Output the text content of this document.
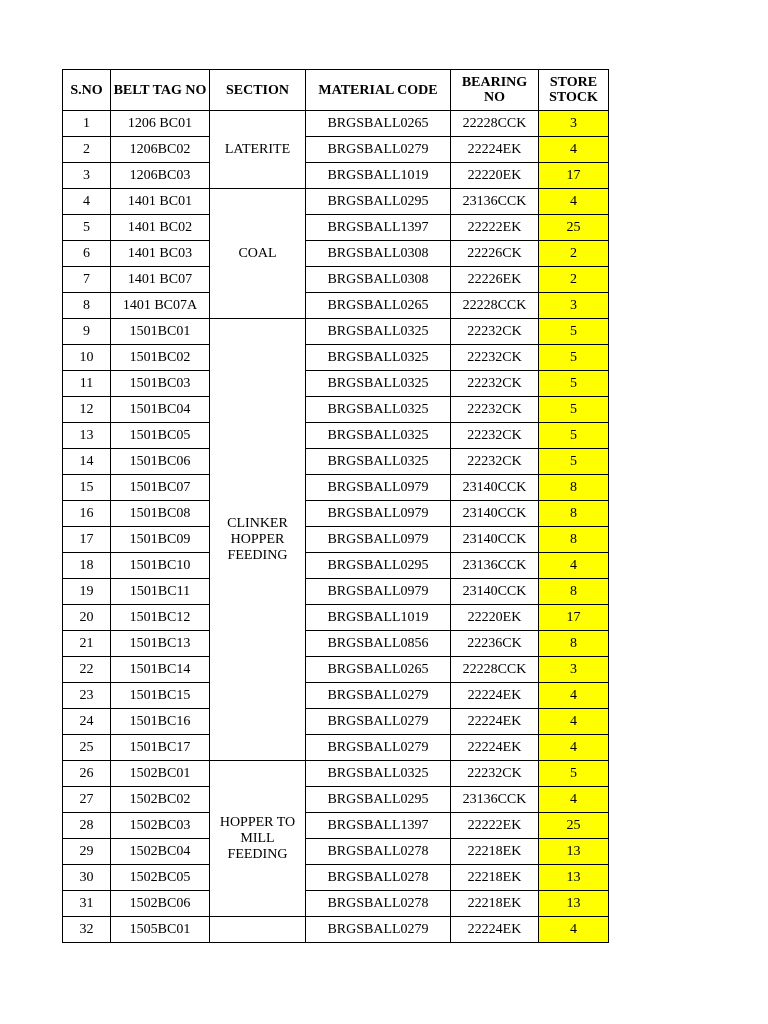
S.NO	BELT TAG NO	SECTION	MATERIAL CODE	BEARING NO	STORE STOCK
1	1206 BC01	LATERITE	BRGSBALL0265	22228CCK	3
2	1206BC02		BRGSBALL0279	22224EK	4
3	1206BC03		BRGSBALL1019	22220EK	17
4	1401 BC01	COAL	BRGSBALL0295	23136CCK	4
5	1401 BC02		BRGSBALL1397	22222EK	25
6	1401 BC03		BRGSBALL0308	22226CK	2
7	1401 BC07		BRGSBALL0308	22226EK	2
8	1401 BC07A		BRGSBALL0265	22228CCK	3
9	1501BC01	CLINKER HOPPER FEEDING	BRGSBALL0325	22232CK	5
10	1501BC02		BRGSBALL0325	22232CK	5
11	1501BC03		BRGSBALL0325	22232CK	5
12	1501BC04		BRGSBALL0325	22232CK	5
13	1501BC05		BRGSBALL0325	22232CK	5
14	1501BC06		BRGSBALL0325	22232CK	5
15	1501BC07		BRGSBALL0979	23140CCK	8
16	1501BC08		BRGSBALL0979	23140CCK	8
17	1501BC09		BRGSBALL0979	23140CCK	8
18	1501BC10		BRGSBALL0295	23136CCK	4
19	1501BC11		BRGSBALL0979	23140CCK	8
20	1501BC12		BRGSBALL1019	22220EK	17
21	1501BC13		BRGSBALL0856	22236CK	8
22	1501BC14		BRGSBALL0265	22228CCK	3
23	1501BC15		BRGSBALL0279	22224EK	4
24	1501BC16		BRGSBALL0279	22224EK	4
25	1501BC17		BRGSBALL0279	22224EK	4
26	1502BC01	HOPPER TO MILL FEEDING	BRGSBALL0325	22232CK	5
27	1502BC02		BRGSBALL0295	23136CCK	4
28	1502BC03		BRGSBALL1397	22222EK	25
29	1502BC04		BRGSBALL0278	22218EK	13
30	1502BC05		BRGSBALL0278	22218EK	13
31	1502BC06		BRGSBALL0278	22218EK	13
32	1505BC01		BRGSBALL0279	22224EK	4
